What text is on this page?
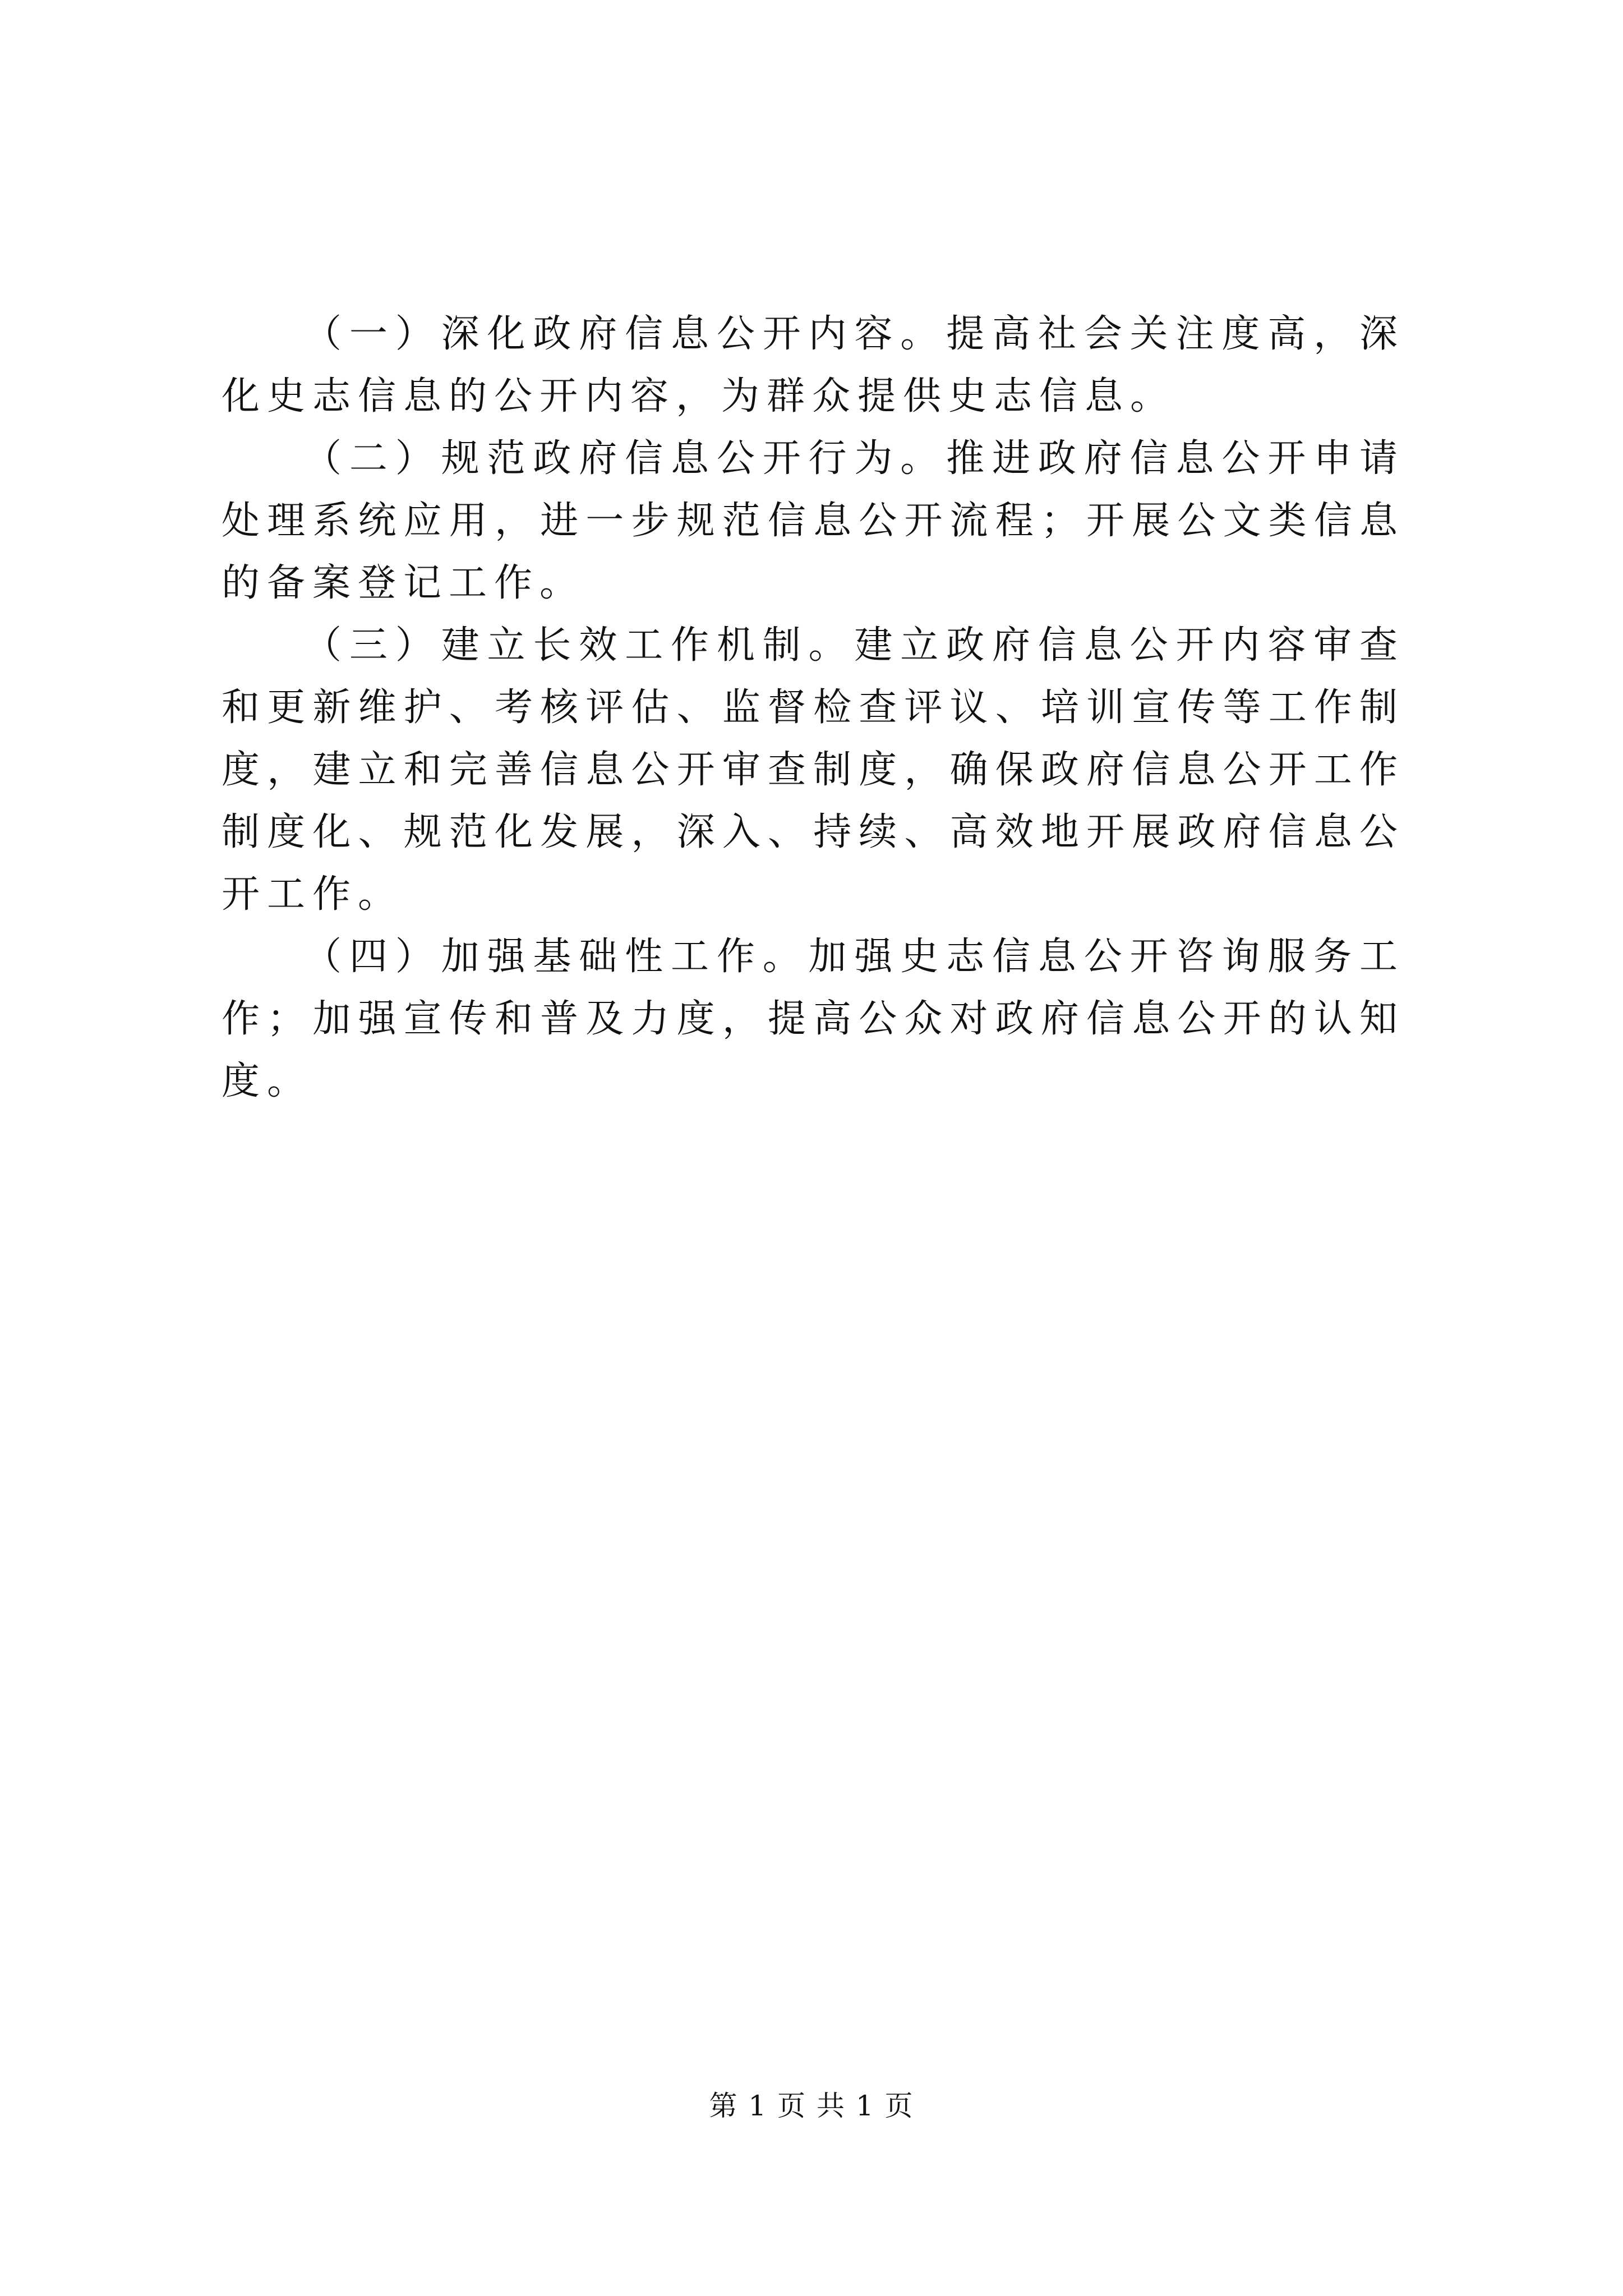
（一）深化政府信息公开内容。提高社会关注度高，深化史志信息的公开内容，为群众提供史志信息。

（二）规范政府信息公开行为。推进政府信息公开申请处理系统应用，进一步规范信息公开流程；开展公文类信息的备案登记工作。

（三）建立长效工作机制。建立政府信息公开内容审查和更新维护、考核评估、监督检查评议、培训宣传等工作制度，建立和完善信息公开审查制度，确保政府信息公开工作制度化、规范化发展，深入、持续、高效地开展政府信息公开工作。

（四）加强基础性工作。加强史志信息公开咨询服务工作；加强宣传和普及力度，提高公众对政府信息公开的认知度。

第 1 页 共 1 页
